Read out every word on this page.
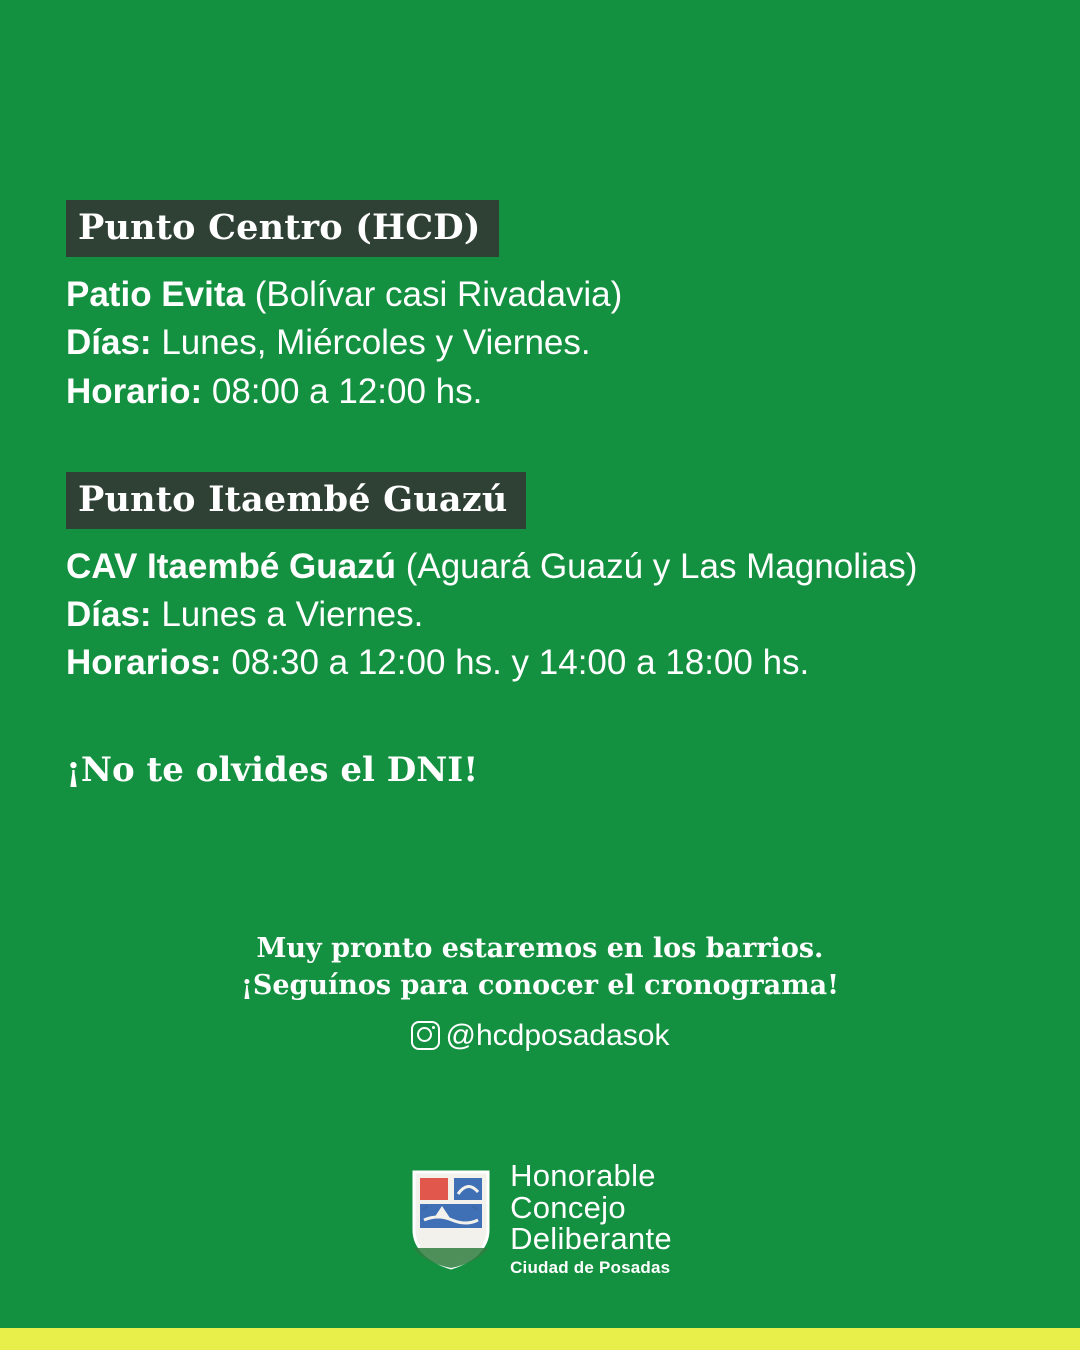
Punto Centro (HCD)
Patio Evita (Bolívar casi Rivadavia)
Días: Lunes, Miércoles y Viernes.
Horario: 08:00 a 12:00 hs.
Punto Itaembé Guazú
CAV Itaembé Guazú (Aguará Guazú y Las Magnolias)
Días: Lunes a Viernes.
Horarios: 08:30 a 12:00 hs. y 14:00 a 18:00 hs.
¡No te olvides el DNI!
Muy pronto estaremos en los barrios.
¡Seguínos para conocer el cronograma!
@hcdposadasok
Honorable
Concejo
Deliberante
Ciudad de Posadas
